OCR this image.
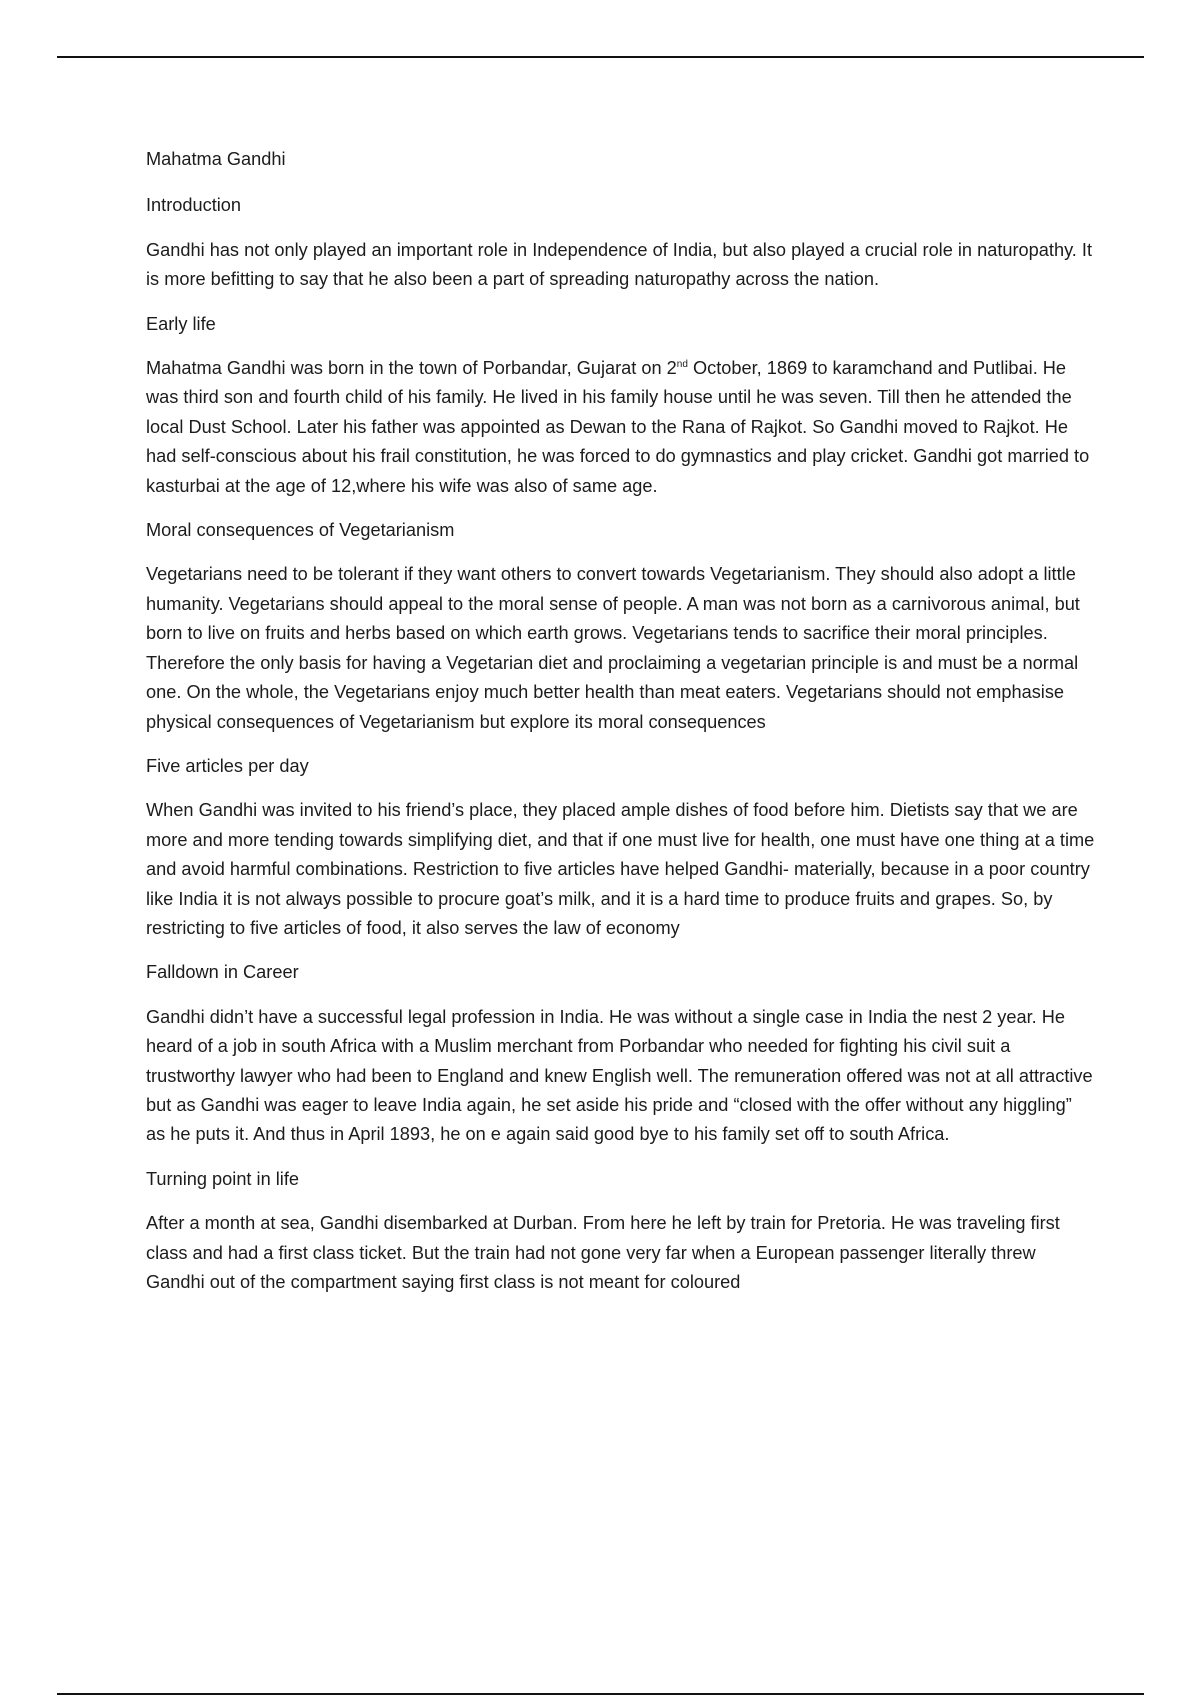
Mahatma Gandhi

Introduction

Gandhi has not only played an important role in Independence of India, but also played a crucial role in naturopathy. It is more befitting to say that he also been a part of spreading naturopathy across the nation.

Early life

Mahatma Gandhi was born in the town of Porbandar, Gujarat on 2nd October, 1869 to karamchand and Putlibai. He was third son and fourth child of his family. He lived in his family house until he was seven. Till then he attended the local Dust School. Later his father was appointed as Dewan to the Rana of Rajkot. So Gandhi moved to Rajkot. He had self-conscious about his frail constitution, he was forced to do gymnastics and play cricket. Gandhi got married to kasturbai at the age of 12,where his wife was also of same age.

Moral consequences of Vegetarianism

Vegetarians need to be tolerant if they want others to convert towards Vegetarianism. They should also adopt a little humanity. Vegetarians should appeal to the moral sense of people. A man was not born as a carnivorous animal, but born to live on fruits and herbs based on which earth grows. Vegetarians tends to sacrifice their moral principles. Therefore the only basis for having a Vegetarian diet and proclaiming a vegetarian principle is and must be a normal one. On the whole, the Vegetarians enjoy much better health than meat eaters. Vegetarians should not emphasise physical consequences of Vegetarianism but explore its moral consequences

Five articles per day

When Gandhi was invited to his friend’s place, they placed ample dishes of food before him. Dietists say that we are more and more tending towards simplifying diet, and that if one must live for health, one must have one thing at a time and avoid harmful combinations. Restriction to five articles have helped Gandhi- materially, because in a poor country like India it is not always possible to procure goat’s milk, and it is a hard time to produce fruits and grapes. So, by restricting to five articles of food, it also serves the law of economy

Falldown in Career

Gandhi didn’t have a successful legal profession in India. He was without a single case in India the nest 2 year. He heard of a job in south Africa with a Muslim merchant from Porbandar who needed for fighting his civil suit a trustworthy lawyer who had been to England and knew English well. The remuneration offered was not at all attractive but as Gandhi was eager to leave India again, he set aside his pride and “closed with the offer without any higgling” as he puts it. And thus in April 1893, he on e again said good bye to his family set off to south Africa.

Turning point in life

After a month at sea, Gandhi disembarked at Durban. From here he left by train for Pretoria. He was traveling first class and had a first class ticket. But the train had not gone very far when a European passenger literally threw Gandhi out of the compartment saying first class is not meant for coloured
